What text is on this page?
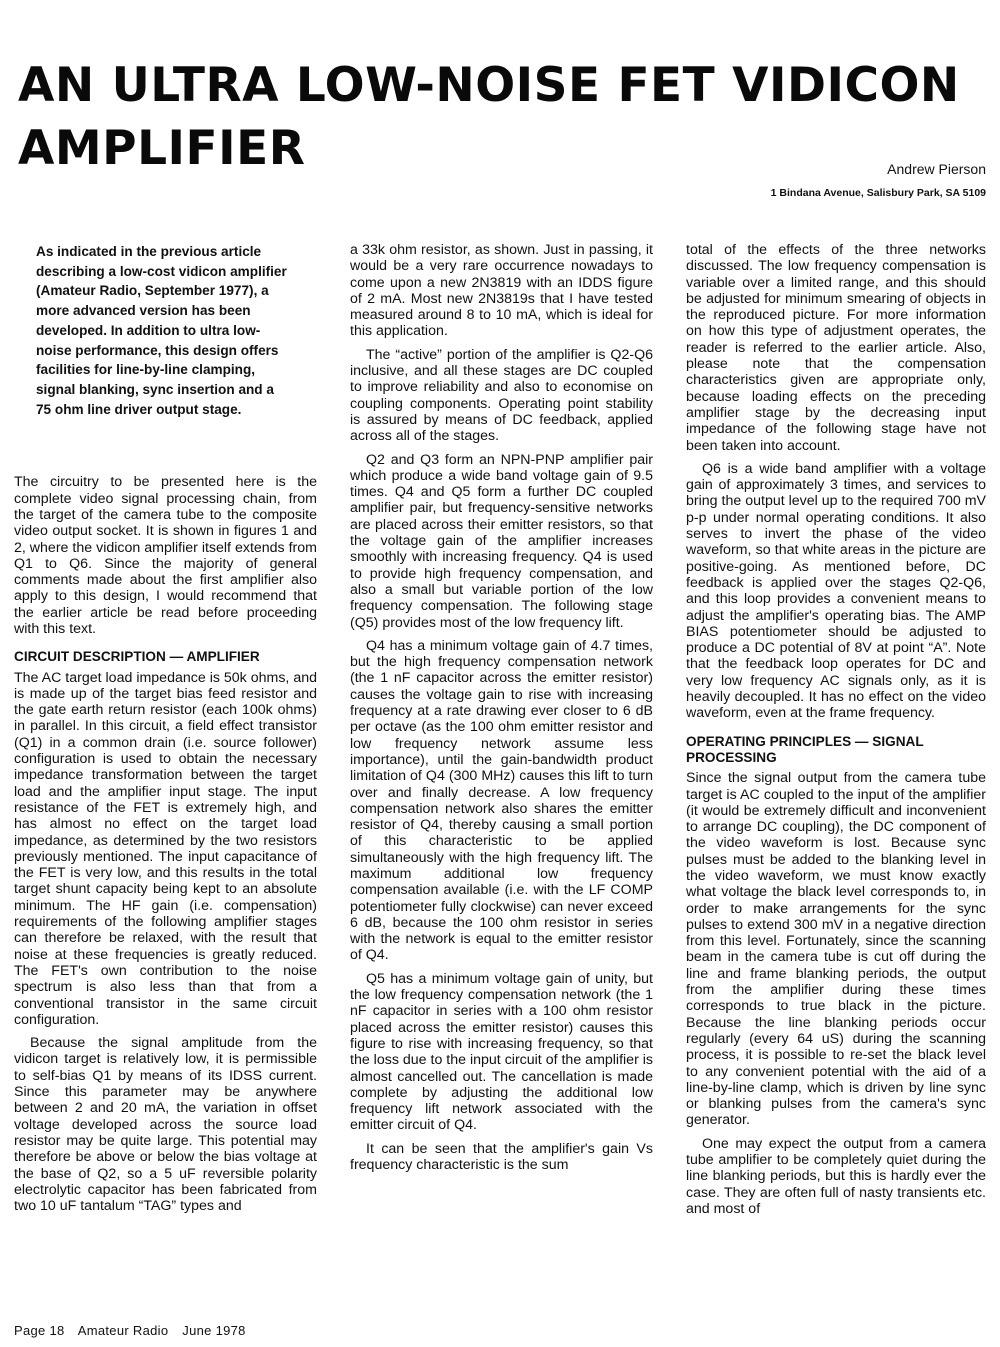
AN ULTRA LOW-NOISE FET VIDICON AMPLIFIER	Andrew Pierson
1 Bindana Avenue, Salisbury Park, SA 5109

As indicated in the previous article describing a low-cost vidicon amplifier (Amateur Radio, September 1977), a more advanced version has been developed. In addition to ultra low-noise performance, this design offers facilities for line-by-line clamping, signal blanking, sync insertion and a 75 ohm line driver output stage.

The circuitry to be presented here is the complete video signal processing chain, from the target of the camera tube to the composite video output socket. It is shown in figures 1 and 2, where the vidicon amplifier itself extends from Q1 to Q6. Since the majority of general comments made about the first amplifier also apply to this design, I would recommend that the earlier article be read before proceeding with this text.

CIRCUIT DESCRIPTION — AMPLIFIER

The AC target load impedance is 50k ohms, and is made up of the target bias feed resistor and the gate earth return resistor (each 100k ohms) in parallel. In this circuit, a field effect transistor (Q1) in a common drain (i.e. source follower) configuration is used to obtain the necessary impedance transformation between the target load and the amplifier input stage. The input resistance of the FET is extremely high, and has almost no effect on the target load impedance, as determined by the two resistors previously mentioned. The input capacitance of the FET is very low, and this results in the total target shunt capacity being kept to an absolute minimum. The HF gain (i.e. compensation) requirements of the following amplifier stages can therefore be relaxed, with the result that noise at these frequencies is greatly reduced. The FET's own contribution to the noise spectrum is also less than that from a conventional transistor in the same circuit configuration.

Because the signal amplitude from the vidicon target is relatively low, it is permissible to self-bias Q1 by means of its IDSS current. Since this parameter may be anywhere between 2 and 20 mA, the variation in offset voltage developed across the source load resistor may be quite large. This potential may therefore be above or below the bias voltage at the base of Q2, so a 5 uF reversible polarity electrolytic capacitor has been fabricated from two 10 uF tantalum “TAG” types and

a 33k ohm resistor, as shown. Just in passing, it would be a very rare occurrence nowadays to come upon a new 2N3819 with an IDDS figure of 2 mA. Most new 2N3819s that I have tested measured around 8 to 10 mA, which is ideal for this application.

The “active” portion of the amplifier is Q2-Q6 inclusive, and all these stages are DC coupled to improve reliability and also to economise on coupling components. Operating point stability is assured by means of DC feedback, applied across all of the stages.

Q2 and Q3 form an NPN-PNP amplifier pair which produce a wide band voltage gain of 9.5 times. Q4 and Q5 form a further DC coupled amplifier pair, but frequency-sensitive networks are placed across their emitter resistors, so that the voltage gain of the amplifier increases smoothly with increasing frequency. Q4 is used to provide high frequency compensation, and also a small but variable portion of the low frequency compensation. The following stage (Q5) provides most of the low frequency lift.

Q4 has a minimum voltage gain of 4.7 times, but the high frequency compensation network (the 1 nF capacitor across the emitter resistor) causes the voltage gain to rise with increasing frequency at a rate drawing ever closer to 6 dB per octave (as the 100 ohm emitter resistor and low frequency network assume less importance), until the gain-bandwidth product limitation of Q4 (300 MHz) causes this lift to turn over and finally decrease. A low frequency compensation network also shares the emitter resistor of Q4, thereby causing a small portion of this characteristic to be applied simultaneously with the high frequency lift. The maximum additional low frequency compensation available (i.e. with the LF COMP potentiometer fully clockwise) can never exceed 6 dB, because the 100 ohm resistor in series with the network is equal to the emitter resistor of Q4.

Q5 has a minimum voltage gain of unity, but the low frequency compensation network (the 1 nF capacitor in series with a 100 ohm resistor placed across the emitter resistor) causes this figure to rise with increasing frequency, so that the loss due to the input circuit of the amplifier is almost cancelled out. The cancellation is made complete by adjusting the additional low frequency lift network associated with the emitter circuit of Q4.

It can be seen that the amplifier's gain Vs frequency characteristic is the sum

total of the effects of the three networks discussed. The low frequency compensation is variable over a limited range, and this should be adjusted for minimum smearing of objects in the reproduced picture. For more information on how this type of adjustment operates, the reader is referred to the earlier article. Also, please note that the compensation characteristics given are appropriate only, because loading effects on the preceding amplifier stage by the decreasing input impedance of the following stage have not been taken into account.

Q6 is a wide band amplifier with a voltage gain of approximately 3 times, and services to bring the output level up to the required 700 mV p-p under normal operating conditions. It also serves to invert the phase of the video waveform, so that white areas in the picture are positive-going. As mentioned before, DC feedback is applied over the stages Q2-Q6, and this loop provides a convenient means to adjust the amplifier's operating bias. The AMP BIAS potentiometer should be adjusted to produce a DC potential of 8V at point “A”. Note that the feedback loop operates for DC and very low frequency AC signals only, as it is heavily decoupled. It has no effect on the video waveform, even at the frame frequency.

OPERATING PRINCIPLES — SIGNAL PROCESSING

Since the signal output from the camera tube target is AC coupled to the input of the amplifier (it would be extremely difficult and inconvenient to arrange DC coupling), the DC component of the video waveform is lost. Because sync pulses must be added to the blanking level in the video waveform, we must know exactly what voltage the black level corresponds to, in order to make arrangements for the sync pulses to extend 300 mV in a negative direction from this level. Fortunately, since the scanning beam in the camera tube is cut off during the line and frame blanking periods, the output from the amplifier during these times corresponds to true black in the picture. Because the line blanking periods occur regularly (every 64 uS) during the scanning process, it is possible to re-set the black level to any convenient potential with the aid of a line-by-line clamp, which is driven by line sync or blanking pulses from the camera's sync generator.

One may expect the output from a camera tube amplifier to be completely quiet during the line blanking periods, but this is hardly ever the case. They are often full of nasty transients etc. and most of

Page 18 Amateur Radio June 1978
